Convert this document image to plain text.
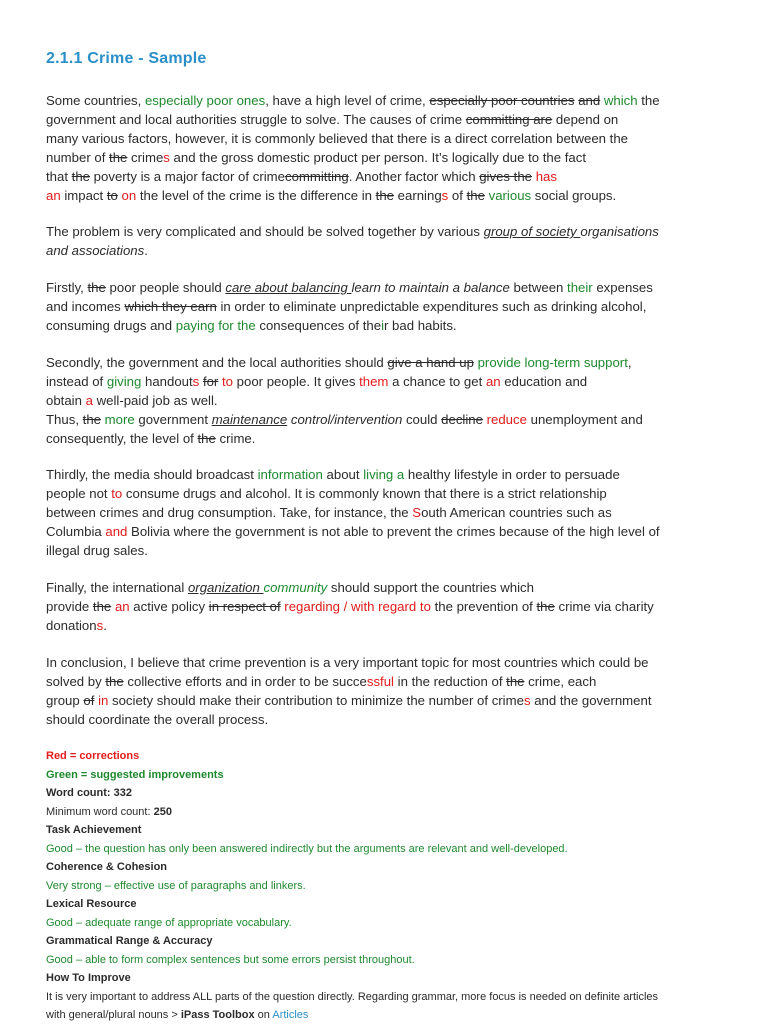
2.1.1 Crime - Sample
Some countries, especially poor ones, have a high level of crime, especially poor countries and which the
government and local authorities struggle to solve. The causes of crime committing are depend on
many various factors, however, it is commonly believed that there is a direct correlation between the
number of the crimes and the gross domestic product per person. It’s logically due to the fact
that the poverty is a major factor of crimecommitting. Another factor which gives the has
an impact to on the level of the crime is the difference in the earnings of the various social groups.
The problem is very complicated and should be solved together by various group of society organisations
and associations.
Firstly, the poor people should care about balancing learn to maintain a balance between their expenses
and incomes which they earn in order to eliminate unpredictable expenditures such as drinking alcohol,
consuming drugs and paying for the consequences of their bad habits.
Secondly, the government and the local authorities should give a hand up provide long-term support,
instead of giving handouts for to poor people. It gives them a chance to get an education and
obtain a well-paid job as well.
Thus, the more government maintenance control/intervention could decline reduce unemployment and
consequently, the level of the crime.
Thirdly, the media should broadcast information about living a healthy lifestyle in order to persuade
people not to consume drugs and alcohol. It is commonly known that there is a strict relationship
between crimes and drug consumption. Take, for instance, the South American countries such as
Columbia and Bolivia where the government is not able to prevent the crimes because of the high level of
illegal drug sales.
Finally, the international organization community should support the countries which
provide the an active policy in respect of regarding / with regard to the prevention of the crime via charity
donations.
In conclusion, I believe that crime prevention is a very important topic for most countries which could be
solved by the collective efforts and in order to be successful in the reduction of the crime, each
group of in society should make their contribution to minimize the number of crimes and the government
should coordinate the overall process.
Red = corrections
Green = suggested improvements
Word count: 332
Minimum word count: 250
Task Achievement
Good – the question has only been answered indirectly but the arguments are relevant and well-developed.
Coherence & Cohesion
Very strong – effective use of paragraphs and linkers.
Lexical Resource
Good – adequate range of appropriate vocabulary.
Grammatical Range & Accuracy
Good – able to form complex sentences but some errors persist throughout.
How To Improve
It is very important to address ALL parts of the question directly. Regarding grammar, more focus is needed on definite articles
with general/plural nouns > iPass Toolbox on Articles
